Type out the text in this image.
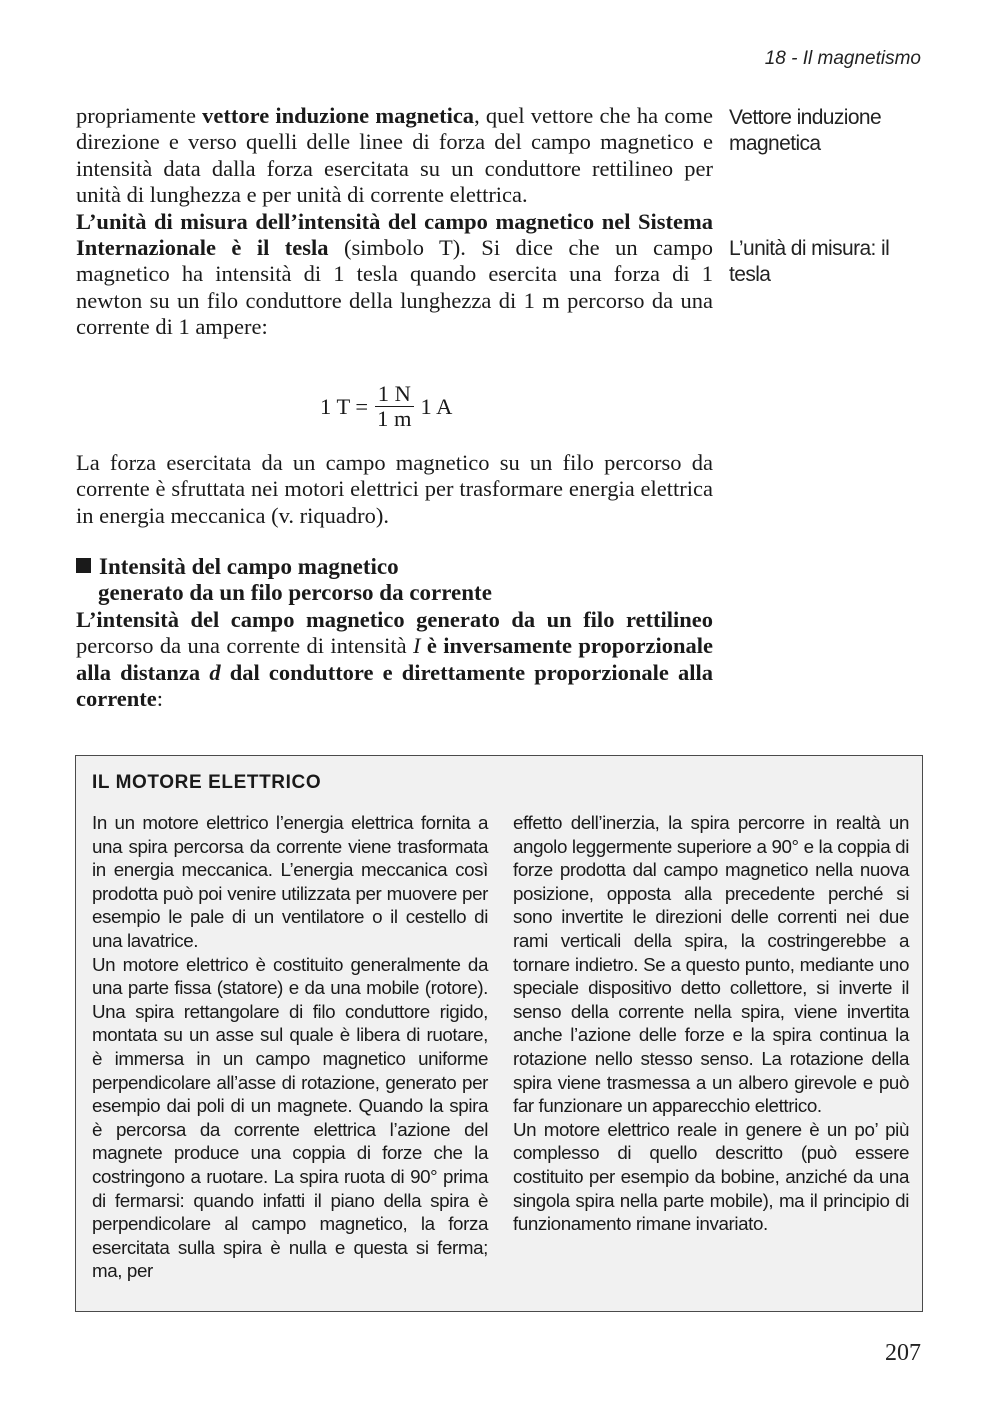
18 - Il magnetismo
Vettore induzione magnetica
L’unità di misura: il tesla

propriamente vettore induzione magnetica, quel vettore che ha come direzione e verso quelli delle linee di forza del campo magnetico e intensità data dalla forza esercitata su un conduttore rettilineo per unità di lunghezza e per unità di corrente elettrica.

L’unità di misura dell’intensità del campo magnetico nel Sistema Internazionale è il tesla (simbolo T). Si dice che un campo magnetico ha intensità di 1 tesla quando esercita una forza di 1 newton su un filo conduttore della lunghezza di 1 m percorso da una corrente di 1 ampere:

1 $T = \frac{1 N}{1 m} 1$ A

La forza esercitata da un campo magnetico su un filo percorso da corrente è sfruttata nei motori elettrici per trasformare energia elettrica in energia meccanica (v. riquadro).

Intensità del campo magnetico
generato da un filo percorso da corrente

L’intensità del campo magnetico generato da un filo rettilineo percorso da una corrente di intensità I è inversamente proporzionale alla distanza d dal conduttore e direttamente proporzionale alla corrente:

IL MOTORE ELETTRICO

In un motore elettrico l’energia elettrica fornita a una spira percorsa da corrente viene trasformata in energia meccanica. L’energia meccanica così prodotta può poi venire utilizzata per muovere per esempio le pale di un ventilatore o il cestello di una lavatrice.

Un motore elettrico è costituito generalmente da una parte fissa (statore) e da una mobile (rotore). Una spira rettangolare di filo conduttore rigido, montata su un asse sul quale è libera di ruotare, è immersa in un campo magnetico uniforme perpendicolare all’asse di rotazione, generato per esempio dai poli di un magnete. Quando la spira è percorsa da corrente elettrica l’azione del magnete produce una coppia di forze che la costringono a ruotare. La spira ruota di 90° prima di fermarsi: quando infatti il piano della spira è perpendicolare al campo magnetico, la forza esercitata sulla spira è nulla e questa si ferma; ma, per

effetto dell’inerzia, la spira percorre in realtà un angolo leggermente superiore a 90° e la coppia di forze prodotta dal campo magnetico nella nuova posizione, opposta alla precedente perché si sono invertite le direzioni delle correnti nei due rami verticali della spira, la costringerebbe a tornare indietro. Se a questo punto, mediante uno speciale dispositivo detto collettore, si inverte il senso della corrente nella spira, viene invertita anche l’azione delle forze e la spira continua la rotazione nello stesso senso. La rotazione della spira viene trasmessa a un albero girevole e può far funzionare un apparecchio elettrico.

Un motore elettrico reale in genere è un po’ più complesso di quello descritto (può essere costituito per esempio da bobine, anziché da una singola spira nella parte mobile), ma il principio di funzionamento rimane invariato.

207
